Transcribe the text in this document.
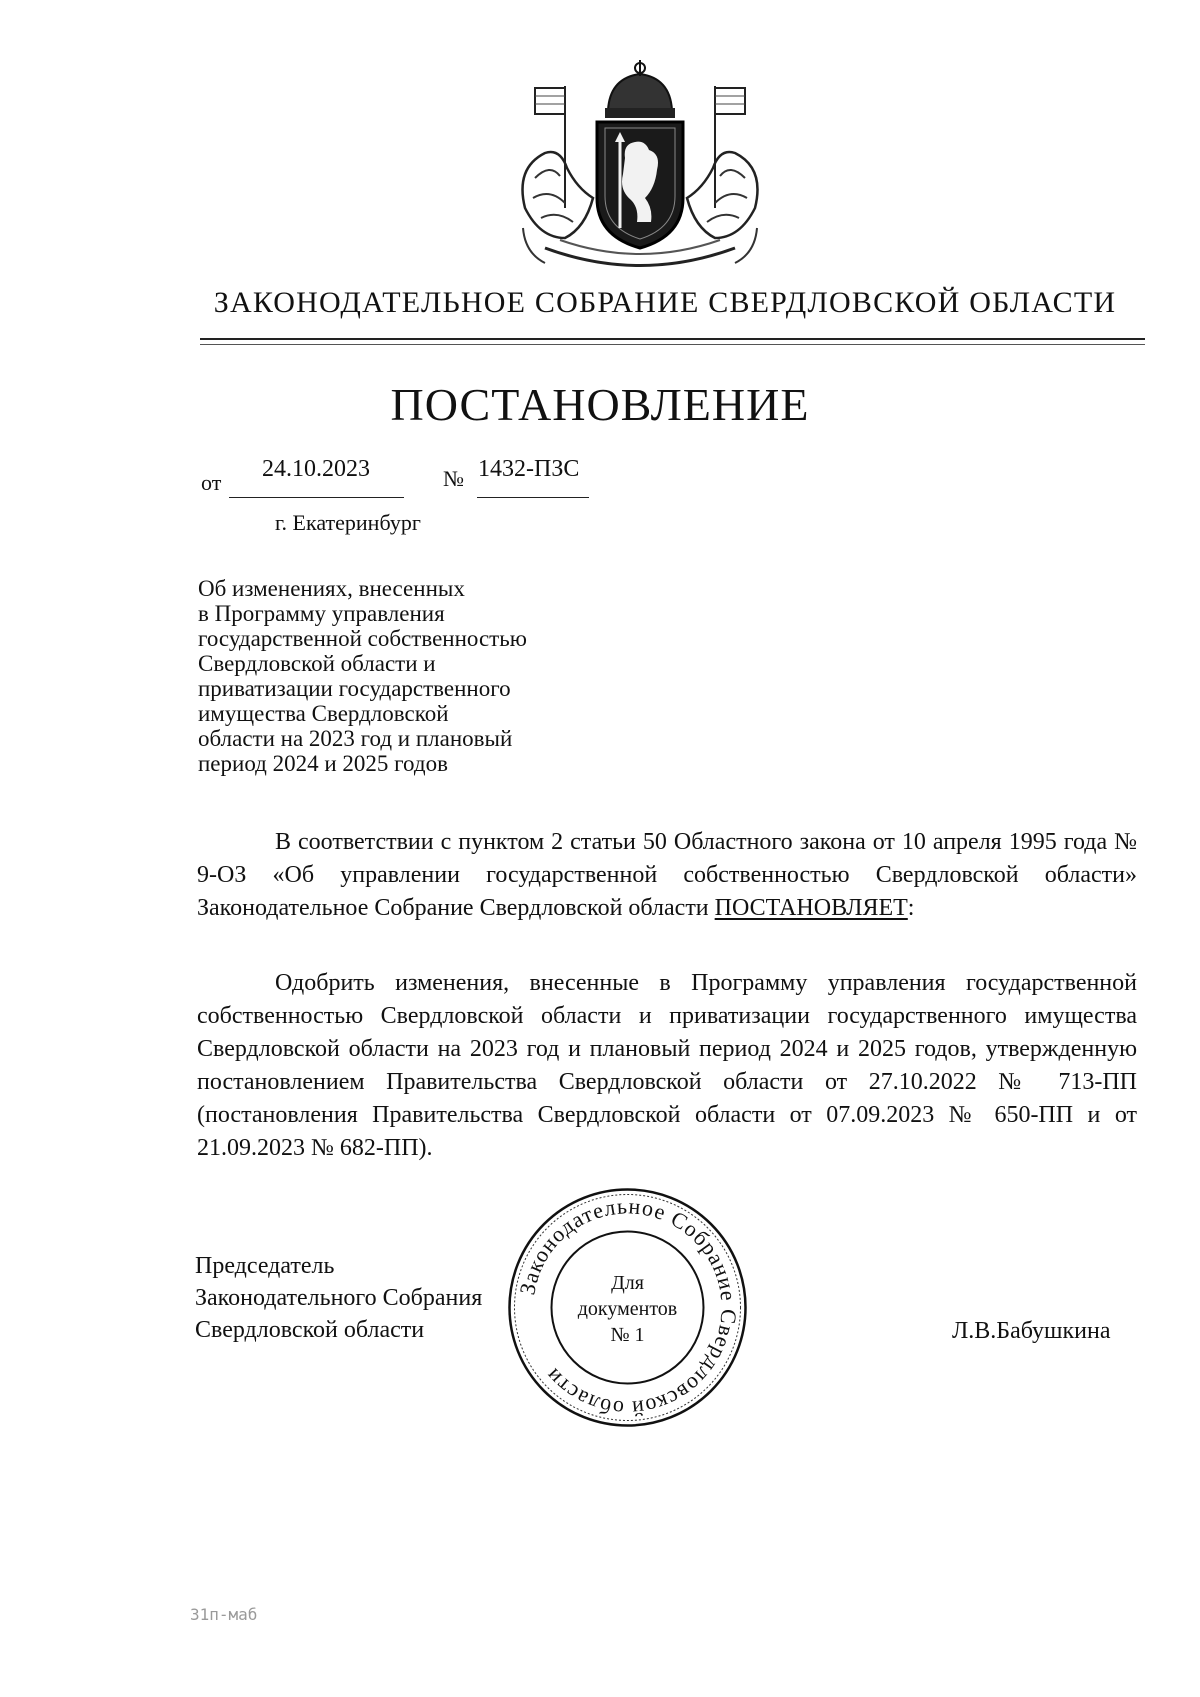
ЗАКОНОДАТЕЛЬНОЕ СОБРАНИЕ СВЕРДЛОВСКОЙ ОБЛАСТИ
ПОСТАНОВЛЕНИЕ
от
24.10.2023	№ 1432-ПЗС
г. Екатеринбург
Об изменениях, внесенных
в Программу управления
государственной собственностью
Свердловской области и
приватизации государственного
имущества Свердловской
области на 2023 год и плановый
период 2024 и 2025 годов

В соответствии с пунктом 2 статьи 50 Областного закона от 10 апреля 1995 года № 9-ОЗ «Об управлении государственной собственностью Свердловской области» Законодательное Собрание Свердловской области ПОСТАНОВЛЯЕТ:

Одобрить изменения, внесенные в Программу управления государственной собственностью Свердловской области и приватизации государственного имущества Свердловской области на 2023 год и плановый период 2024 и 2025 годов, утвержденную постановлением Правительства Свердловской области от 27.10.2022 № 713-ПП (постановления Правительства Свердловской области от 07.09.2023 № 650-ПП и от 21.09.2023 № 682-ПП).

Председатель
Законодательного Собрания
Свердловской области
Законодательное Собрание Свердловской области
Для
документов
№ 1	Л.В.Бабушкина
31п-маб
